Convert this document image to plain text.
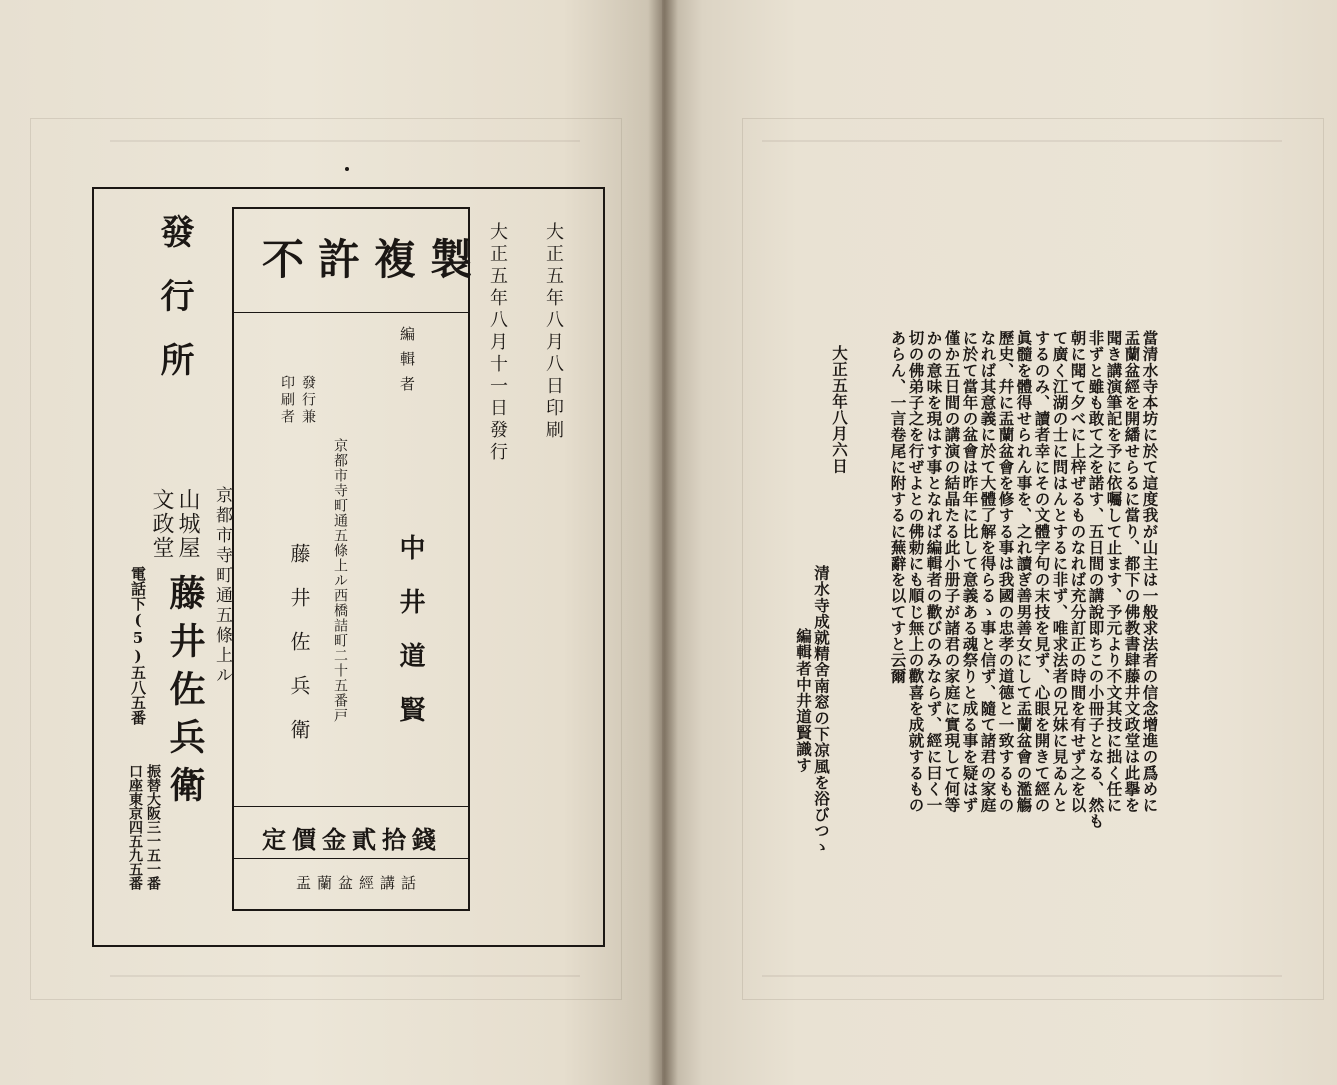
不許複製
定價金貳拾錢
盂蘭盆經講話
大正五年八月八日印刷
大正五年八月十一日發行
編輯者
中井道賢
京都市寺町通五條上ル西橋詰町二十五番戸
發行兼
印刷者
藤井佐兵衛
發行所
京都市寺町通五條上ル
山城屋
文政堂
藤井佐兵衛
電話下(5)五八五番
振替大阪三一五一番
口座東京四五九五番
當清水寺本坊に於て這度我が山主は一般求法者の信念增進の爲めに
盂蘭盆經を開繙せらるに當り、都下の佛教書肆藤井文政堂は此擧を
聞き講演筆記を予に依囑して止ます、予元より不文其技に拙く任に
非ずと雖も敢て之を諾す、五日間の講說即ちこの小冊子となる、然も
朝に聞て夕べに上梓ぜるものなれば充分訂正の時間を有せず之を以
て廣く江湖の士に問はんとするに非ず、唯求法者の兄妹に見ゐんと
するのみ、讀者幸にその文體字句の末技を見ず、心眼を開きて經の
眞髓を體得せられん事を、之れ讀ぎ善男善女にして盂蘭盆會の濫觴
歷史、幷に盂蘭盆會を修する事は我國の忠孝の道德と一致するもの
なれば其意義に於て大體了解を得らるゝ事と信ず、隨て諸君の家庭
に於て當年の盆會は昨年に比して意義ある魂祭りと成る事を疑はず
僅か五日間の講演の結晶たる此小册子が諸君の家庭に實現して何等
かの意味を現はす事となれば編輯者の歡びのみならず、經に曰く一
切の佛弟子之を行ぜよとの佛勅にも順じ無上の歡喜を成就するもの
あらん、一言卷尾に附するに蕪辭を以てすと云爾
大正五年八月六日
清水寺成就精舍南窓の下凉風を浴びつゝ
編輯者中井道賢識す
